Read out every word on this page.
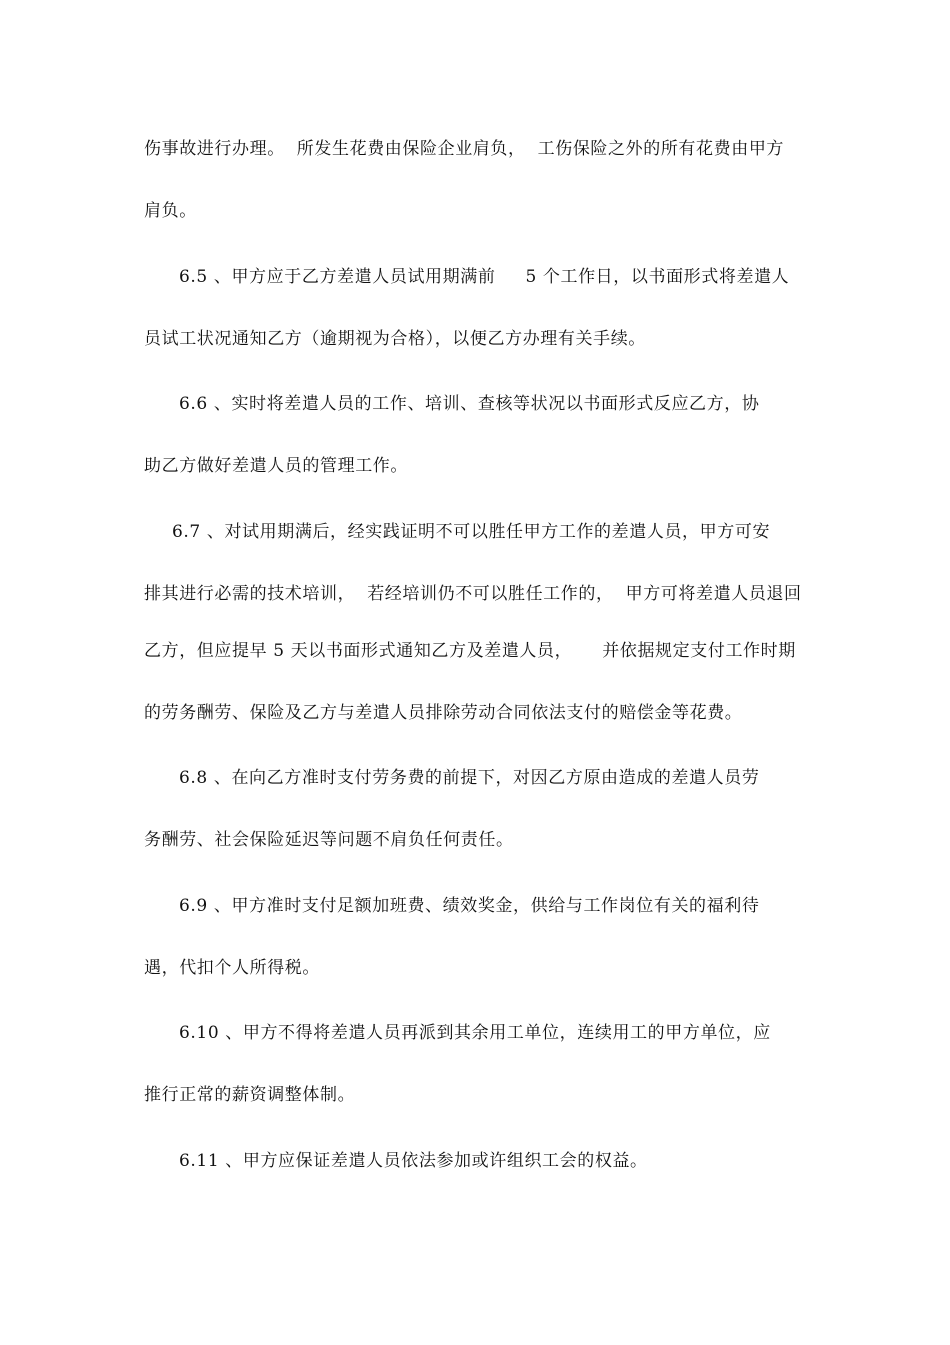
伤事故进行办理。  所发生花费由保险企业肩负，  工伤保险之外的所有花费由甲方
肩负。
6.5 、甲方应于乙方差遣人员试用期满前     5 个工作日，以书面形式将差遣人
员试工状况通知乙方（逾期视为合格），以便乙方办理有关手续。
6.6 、实时将差遣人员的工作、培训、查核等状况以书面形式反应乙方，协
助乙方做好差遣人员的管理工作。
6.7 、对试用期满后，经实践证明不可以胜任甲方工作的差遣人员，甲方可安
排其进行必需的技术培训，  若经培训仍不可以胜任工作的，  甲方可将差遣人员退回
乙方，但应提早 5 天以书面形式通知乙方及差遣人员，     并依据规定支付工作时期
的劳务酬劳、保险及乙方与差遣人员排除劳动合同依法支付的赔偿金等花费。
6.8 、在向乙方准时支付劳务费的前提下，对因乙方原由造成的差遣人员劳
务酬劳、社会保险延迟等问题不肩负任何责任。
6.9 、甲方准时支付足额加班费、绩效奖金，供给与工作岗位有关的福利待
遇，代扣个人所得税。
6.10 、甲方不得将差遣人员再派到其余用工单位，连续用工的甲方单位，应
推行正常的薪资调整体制。
6.11 、甲方应保证差遣人员依法参加或许组织工会的权益。
